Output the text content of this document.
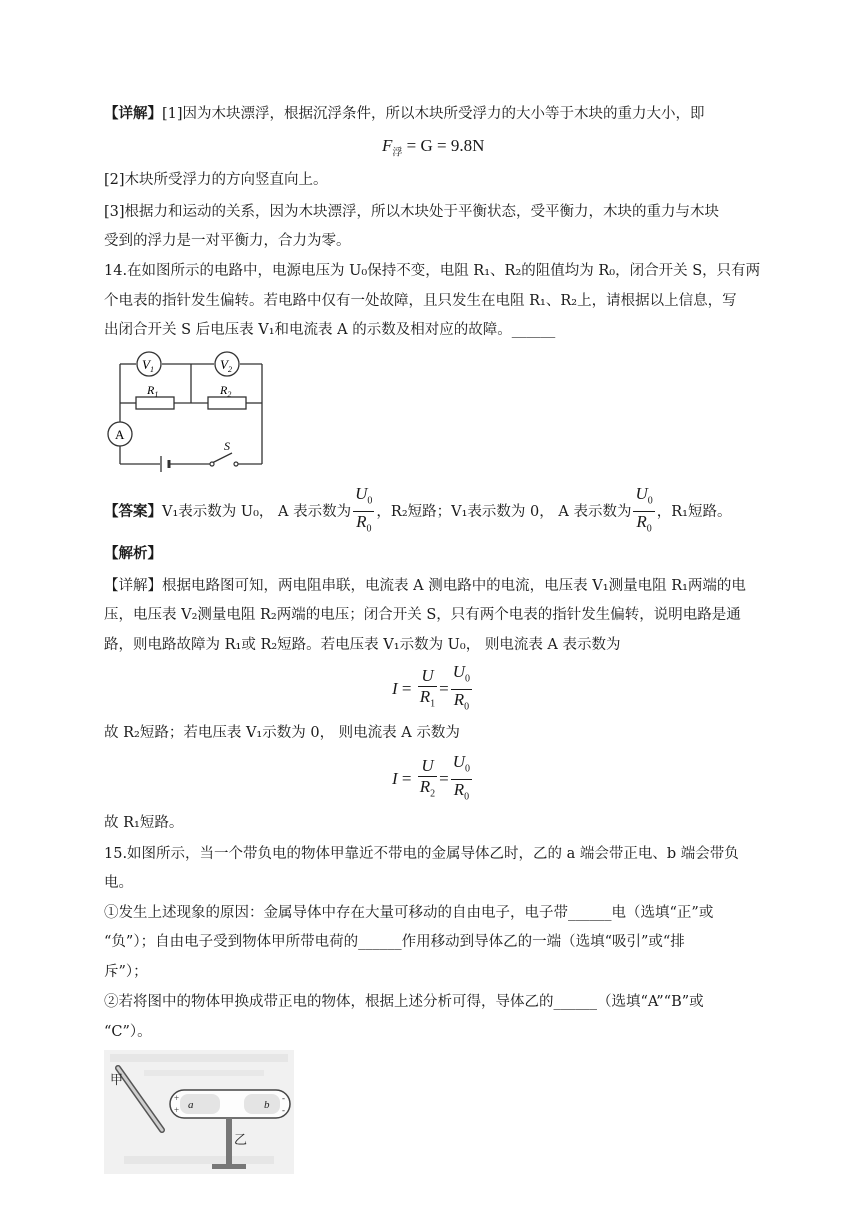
【详解】[1]因为木块漂浮，根据沉浮条件，所以木块所受浮力的大小等于木块的重力大小，即
$F_浮 = G = 9.8N$
[2]木块所受浮力的方向竖直向上。
[3]根据力和运动的关系，因为木块漂浮，所以木块处于平衡状态，受平衡力，木块的重力与木块
受到的浮力是一对平衡力，合力为零。
14.在如图所示的电路中，电源电压为 U₀保持不变，电阻 R₁、R₂的阻值均为 R₀，闭合开关 S，只有两
个电表的指针发生偏转。若电路中仅有一处故障，且只发生在电阻 R₁、R₂上，请根据以上信息，写
出闭合开关 S 后电压表 V₁和电流表 A 的示数及相对应的故障。______
$V_1$	$V_2$
$R_1$	$R_2$
A
S
【答案】V₁表示数为 U₀， A 表示数为 $\frac{U_0}{R_0}$ ，R₂短路；V₁表示数为 0， A 表示数为 $\frac{U_0}{R_0}$ ，R₁短路。
【解析】
【详解】根据电路图可知，两电阻串联，电流表 A 测电路中的电流，电压表 V₁测量电阻 R₁两端的电
压，电压表 V₂测量电阻 R₂两端的电压；闭合开关 S，只有两个电表的指针发生偏转，说明电路是通
路，则电路故障为 R₁或 R₂短路。若电压表 V₁示数为 U₀， 则电流表 A 表示数为
$I = \frac{U}{R_1} = \frac{U_0}{R_0}$
故 R₂短路；若电压表 V₁示数为 0， 则电流表 A 示数为
$I = \frac{U}{R_2} = \frac{U_0}{R_0}$
故 R₁短路。
15.如图所示，当一个带负电的物体甲靠近不带电的金属导体乙时，乙的 a 端会带正电、b 端会带负
电。
①发生上述现象的原因：金属导体中存在大量可移动的自由电子，电子带______电（选填“正”或
“负”）；自由电子受到物体甲所带电荷的______作用移动到导体乙的一端（选填“吸引”或“排
斥”）；
②若将图中的物体甲换成带正电的物体，根据上述分析可得，导体乙的______（选填“A”“B”或
“C”）。
+
+
-
-
甲
乙
a	b
